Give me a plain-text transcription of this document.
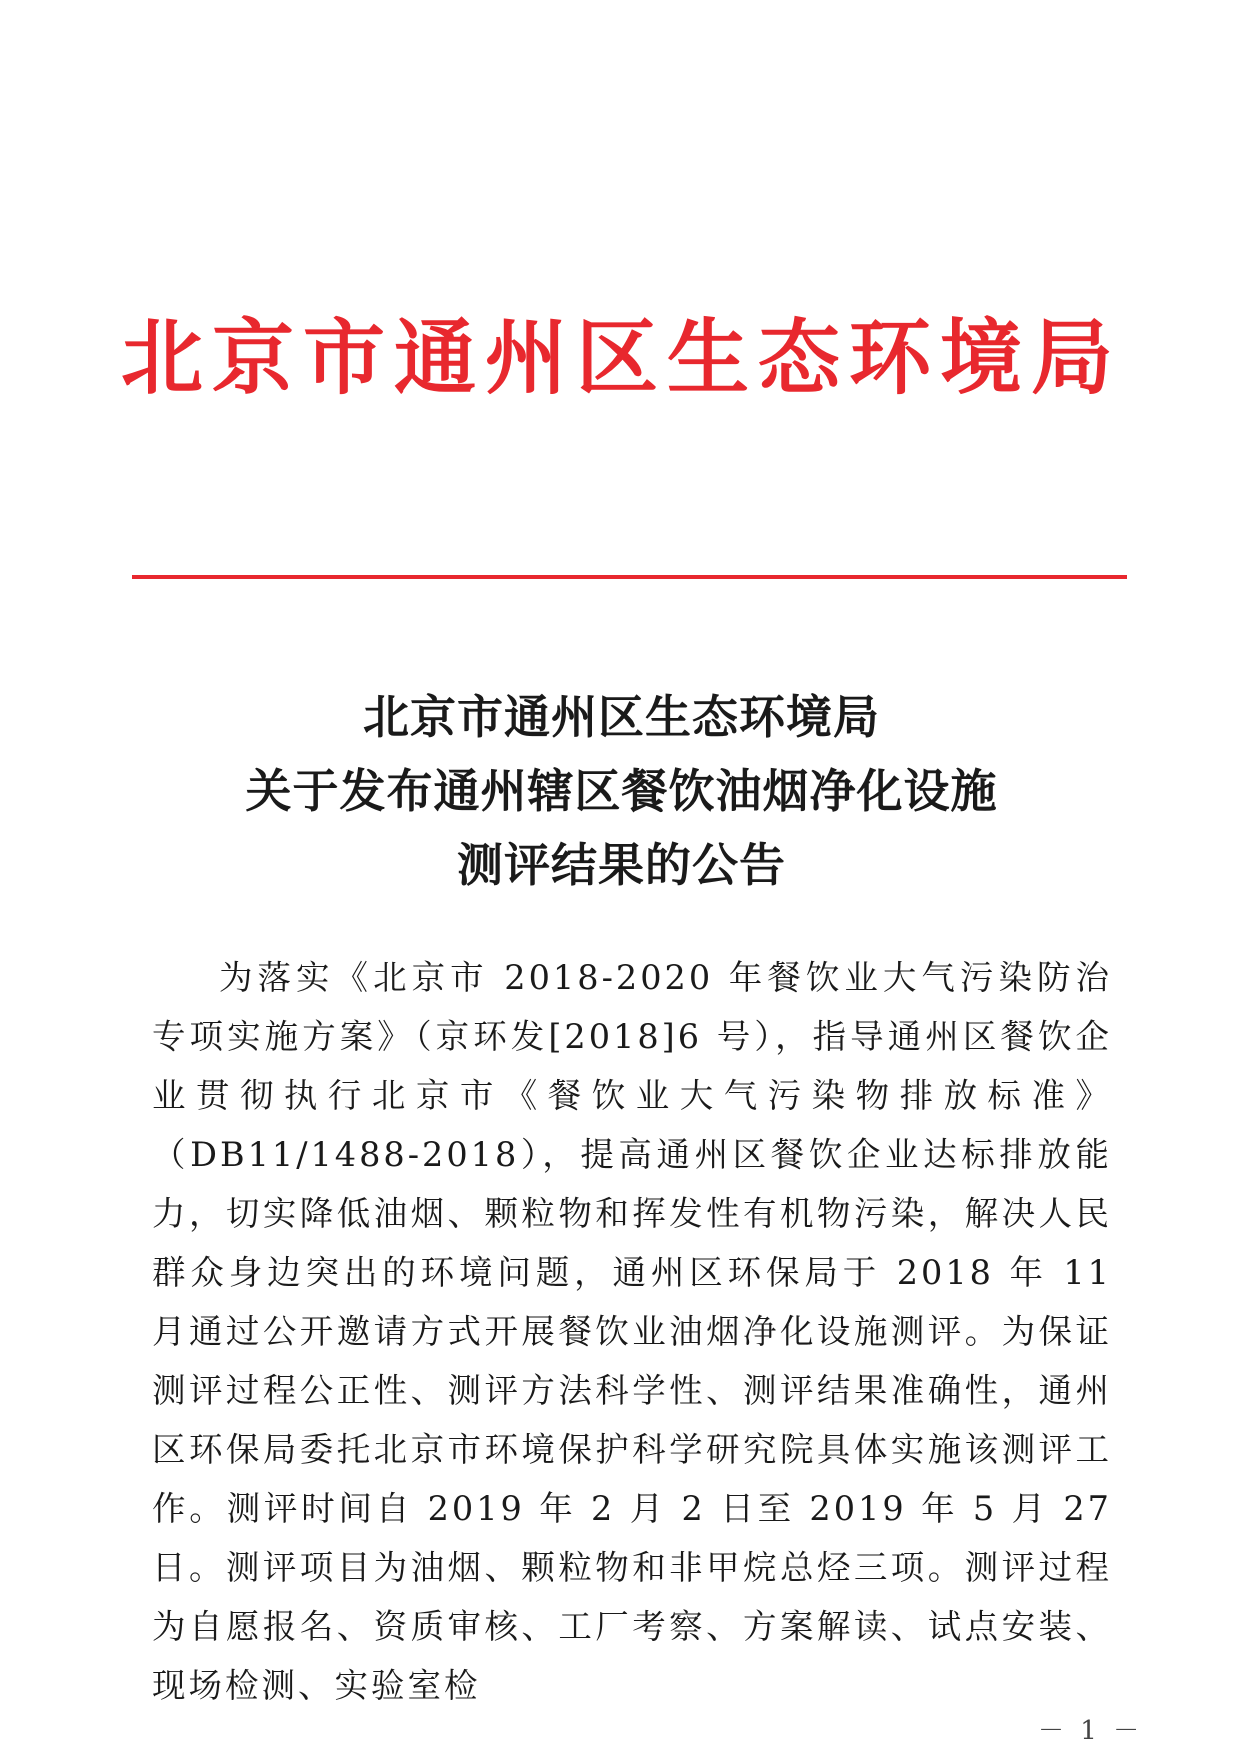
北京市通州区生态环境局
北京市通州区生态环境局
关于发布通州辖区餐饮油烟净化设施
测评结果的公告

为落实《北京市 2018-2020 年餐饮业大气污染防治专项实施方案》（京环发[2018]6 号），指导通州区餐饮企业贯彻执行北京市《餐饮业大气污染物排放标准》（DB11/1488-2018），提高通州区餐饮企业达标排放能力，切实降低油烟、颗粒物和挥发性有机物污染，解决人民群众身边突出的环境问题，通州区环保局于 2018 年 11 月通过公开邀请方式开展餐饮业油烟净化设施测评。为保证测评过程公正性、测评方法科学性、测评结果准确性，通州区环保局委托北京市环境保护科学研究院具体实施该测评工作。测评时间自 2019 年 2 月 2 日至 2019 年 5 月 27 日。测评项目为油烟、颗粒物和非甲烷总烃三项。测评过程为自愿报名、资质审核、工厂考察、方案解读、试点安装、现场检测、实验室检

－ 1 －
